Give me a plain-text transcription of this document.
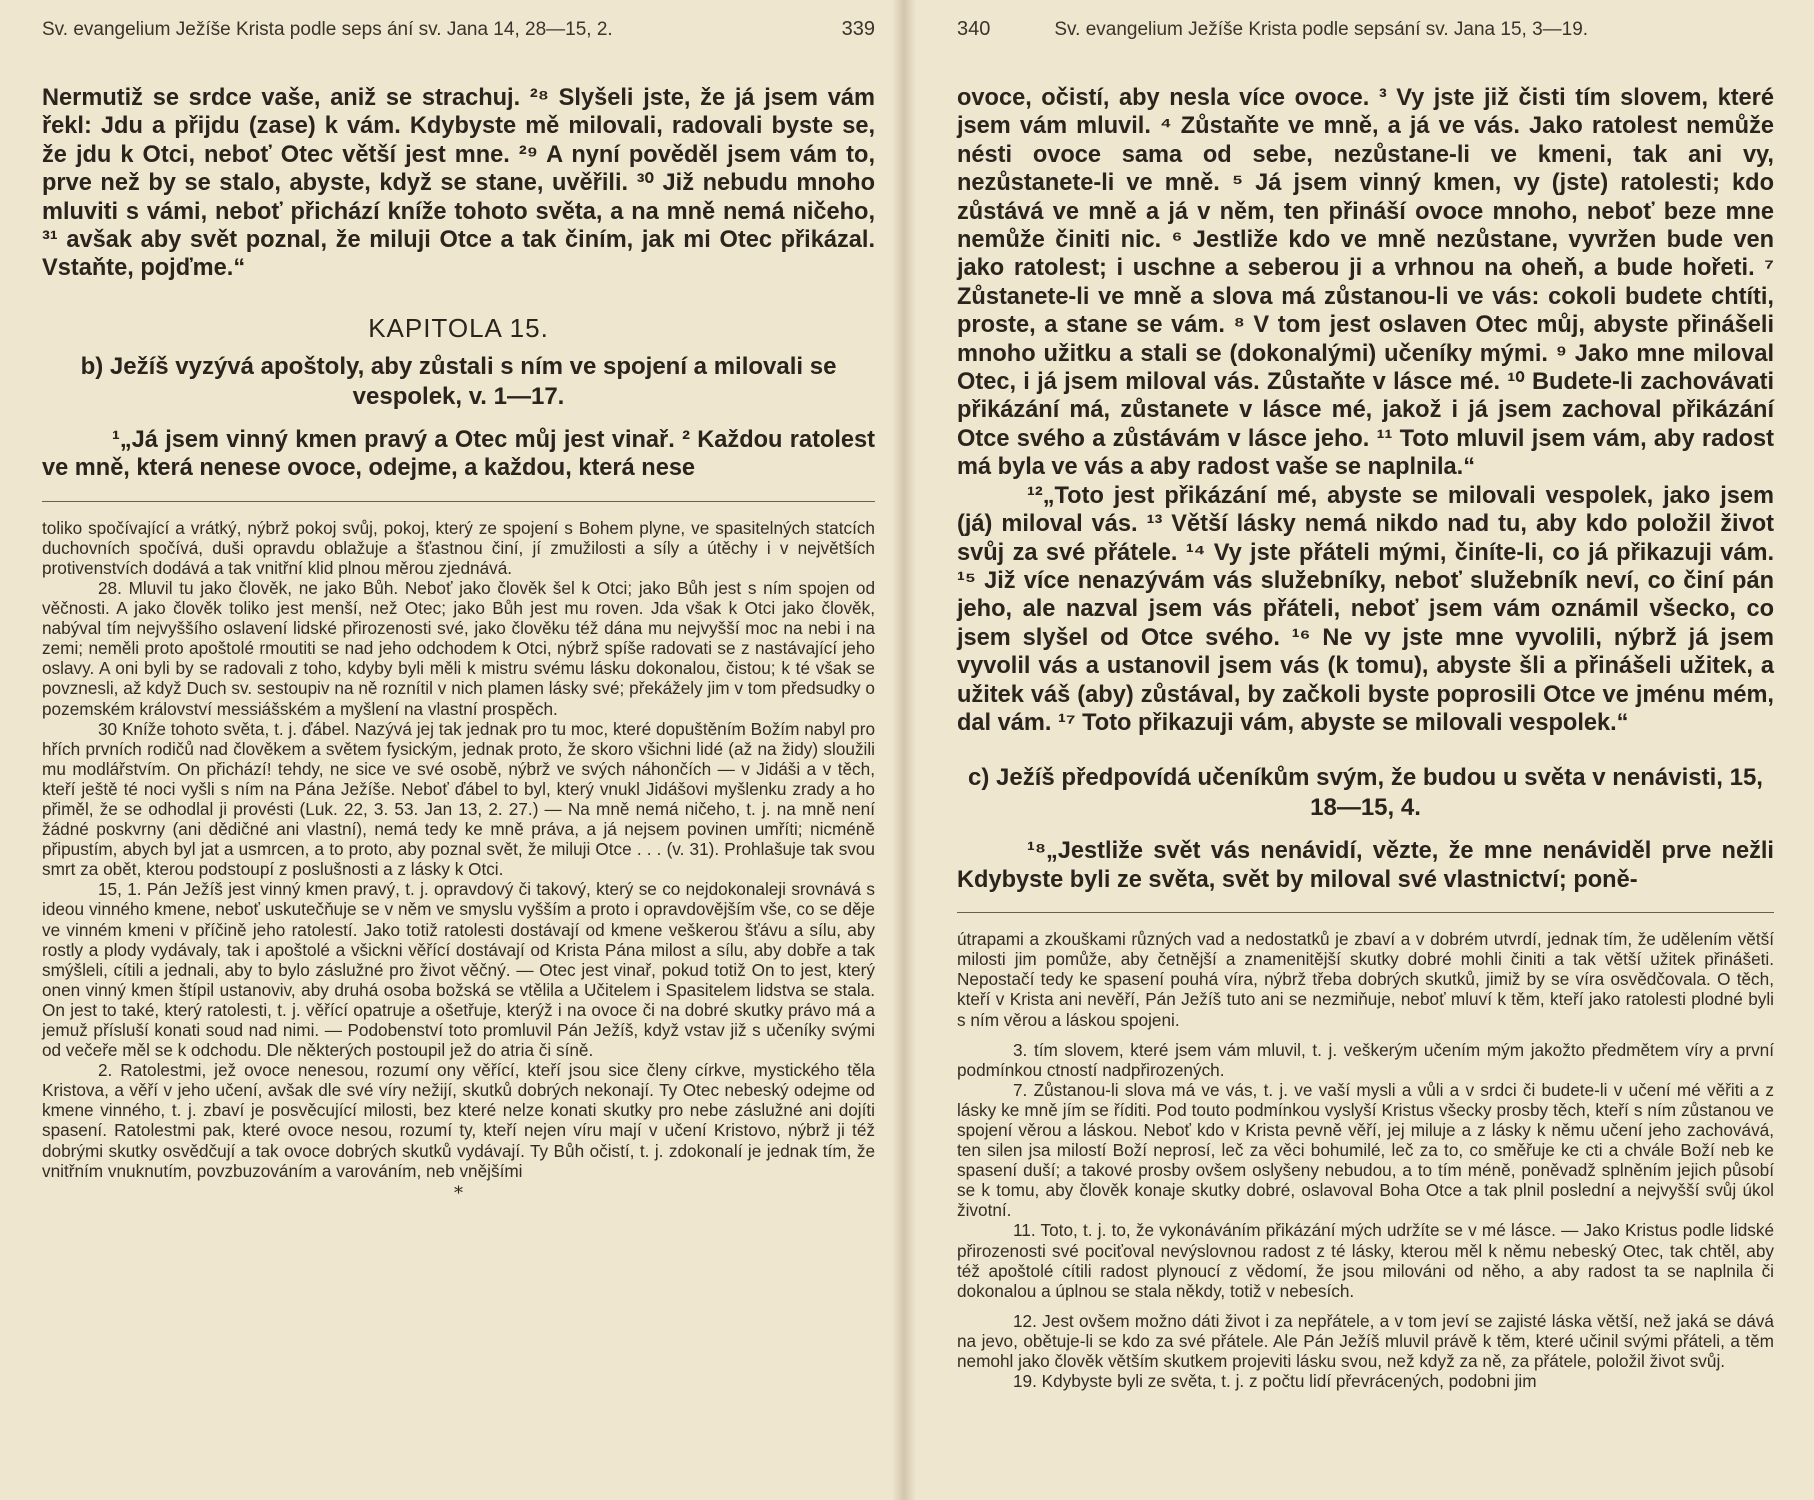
Sv. evangelium Ježíše Krista podle seps ání sv. Jana 14, 28—15, 2.	339

Nermutiž se srdce vaše, aniž se strachuj. ²⁸ Slyšeli jste, že já jsem vám řekl: Jdu a přijdu (zase) k vám. Kdybyste mě milovali, radovali byste se, že jdu k Otci, neboť Otec větší jest mne. ²⁹ A nyní pověděl jsem vám to, prve než by se stalo, abyste, když se stane, uvěřili. ³⁰ Již nebudu mnoho mluviti s vámi, neboť přichází kníže tohoto světa, a na mně nemá ničeho, ³¹ avšak aby svět poznal, že miluji Otce a tak činím, jak mi Otec přikázal. Vstaňte, pojďme.“

KAPITOLA 15.
b) Ježíš vyzývá apoštoly, aby zůstali s ním ve spojení a milovali se vespolek, v. 1—17.

¹„Já jsem vinný kmen pravý a Otec můj jest vinař. ² Každou ratolest ve mně, která nenese ovoce, odejme, a každou, která nese

toliko spočívající a vrátký, nýbrž pokoj svůj, pokoj, který ze spojení s Bohem plyne, ve spasitelných statcích duchovních spočívá, duši opravdu oblažuje a šťastnou činí, jí zmužilosti a síly a útěchy i v největších protivenstvích dodává a tak vnitřní klid plnou měrou zjednává.

28. Mluvil tu jako člověk, ne jako Bůh. Neboť jako člověk šel k Otci; jako Bůh jest s ním spojen od věčnosti. A jako člověk toliko jest menší, než Otec; jako Bůh jest mu roven. Jda však k Otci jako člověk, nabýval tím nejvyššího oslavení lidské přirozenosti své, jako člověku též dána mu nejvyšší moc na nebi i na zemi; neměli proto apoštolé rmoutiti se nad jeho odchodem k Otci, nýbrž spíše radovati se z nastávající jeho oslavy. A oni byli by se radovali z toho, kdyby byli měli k mistru svému lásku dokonalou, čistou; k té však se povznesli, až když Duch sv. sestoupiv na ně roznítil v nich plamen lásky své; překážely jim v tom předsudky o pozemském království messiášském a myšlení na vlastní prospěch.

30 Kníže tohoto světa, t. j. ďábel. Nazývá jej tak jednak pro tu moc, které dopuštěním Božím nabyl pro hřích prvních rodičů nad člověkem a světem fysickým, jednak proto, že skoro všichni lidé (až na židy) sloužili mu modlářstvím. On přichází! tehdy, ne sice ve své osobě, nýbrž ve svých náhončích — v Jidáši a v těch, kteří ještě té noci vyšli s ním na Pána Ježíše. Neboť ďábel to byl, který vnukl Jidášovi myšlenku zrady a ho přiměl, že se odhodlal ji provésti (Luk. 22, 3. 53. Jan 13, 2. 27.) — Na mně nemá ničeho, t. j. na mně není žádné poskvrny (ani dědičné ani vlastní), nemá tedy ke mně práva, a já nejsem povinen umříti; nicméně připustím, abych byl jat a usmrcen, a to proto, aby poznal svět, že miluji Otce . . . (v. 31). Prohlašuje tak svou smrt za obět, kterou podstoupí z poslušnosti a z lásky k Otci.

15, 1. Pán Ježíš jest vinný kmen pravý, t. j. opravdový či takový, který se co nejdokonaleji srovnává s ideou vinného kmene, neboť uskutečňuje se v něm ve smyslu vyšším a proto i opravdovějším vše, co se děje ve vinném kmeni v příčině jeho ratolestí. Jako totiž ratolesti dostávají od kmene veškerou šťávu a sílu, aby rostly a plody vydávaly, tak i apoštolé a všickni věřící dostávají od Krista Pána milost a sílu, aby dobře a tak smýšleli, cítili a jednali, aby to bylo záslužné pro život věčný. — Otec jest vinař, pokud totiž On to jest, který onen vinný kmen štípil ustanoviv, aby druhá osoba božská se vtělila a Učitelem i Spasitelem lidstva se stala. On jest to také, který ratolesti, t. j. věřící opatruje a ošetřuje, kterýž i na ovoce či na dobré skutky právo má a jemuž přísluší konati soud nad nimi. — Podobenství toto promluvil Pán Ježíš, když vstav již s učeníky svými od večeře měl se k odchodu. Dle některých postoupil jež do atria či síně.

2. Ratolestmi, jež ovoce nenesou, rozumí ony věřící, kteří jsou sice členy církve, mystického těla Kristova, a věří v jeho učení, avšak dle své víry nežijí, skutků dobrých nekonají. Ty Otec nebeský odejme od kmene vinného, t. j. zbaví je posvěcující milosti, bez které nelze konati skutky pro nebe záslužné ani dojíti spasení. Ratolestmi pak, které ovoce nesou, rozumí ty, kteří nejen víru mají v učení Kristovo, nýbrž ji též dobrými skutky osvědčují a tak ovoce dobrých skutků vydávají. Ty Bůh očistí, t. j. zdokonalí je jednak tím, že vnitřním vnuknutím, povzbuzováním a varováním, neb vnějšími

*
340	Sv. evangelium Ježíše Krista podle sepsání sv. Jana 15, 3—19.

ovoce, očistí, aby nesla více ovoce. ³ Vy jste již čisti tím slovem, které jsem vám mluvil. ⁴ Zůstaňte ve mně, a já ve vás. Jako ratolest nemůže nésti ovoce sama od sebe, nezůstane-li ve kmeni, tak ani vy, nezůstanete-li ve mně. ⁵ Já jsem vinný kmen, vy (jste) ratolesti; kdo zůstává ve mně a já v něm, ten přináší ovoce mnoho, neboť beze mne nemůže činiti nic. ⁶ Jestliže kdo ve mně nezůstane, vyvržen bude ven jako ratolest; i uschne a seberou ji a vrhnou na oheň, a bude hořeti. ⁷ Zůstanete-li ve mně a slova má zůstanou-li ve vás: cokoli budete chtíti, proste, a stane se vám. ⁸ V tom jest oslaven Otec můj, abyste přinášeli mnoho užitku a stali se (dokonalými) učeníky mými. ⁹ Jako mne miloval Otec, i já jsem miloval vás. Zůstaňte v lásce mé. ¹⁰ Budete-li zachovávati přikázání má, zůstanete v lásce mé, jakož i já jsem zachoval přikázání Otce svého a zůstávám v lásce jeho. ¹¹ Toto mluvil jsem vám, aby radost má byla ve vás a aby radost vaše se naplnila.“

¹²„Toto jest přikázání mé, abyste se milovali vespolek, jako jsem (já) miloval vás. ¹³ Větší lásky nemá nikdo nad tu, aby kdo položil život svůj za své přátele. ¹⁴ Vy jste přáteli mými, činíte-li, co já přikazuji vám. ¹⁵ Již více nenazývám vás služebníky, neboť služebník neví, co činí pán jeho, ale nazval jsem vás přáteli, neboť jsem vám oznámil všecko, co jsem slyšel od Otce svého. ¹⁶ Ne vy jste mne vyvolili, nýbrž já jsem vyvolil vás a ustanovil jsem vás (k tomu), abyste šli a přinášeli užitek, a užitek váš (aby) zůstával, by začkoli byste poprosili Otce ve jménu mém, dal vám. ¹⁷ Toto přikazuji vám, abyste se milovali vespolek.“

c) Ježíš předpovídá učeníkům svým, že budou u světa v nenávisti, 15, 18—15, 4.

¹⁸„Jestliže svět vás nenávidí, vězte, že mne nenáviděl prve nežli Kdybyste byli ze světa, svět by miloval své vlastnictví; poně-

útrapami a zkouškami různých vad a nedostatků je zbaví a v dobrém utvrdí, jednak tím, že udělením větší milosti jim pomůže, aby četnější a znamenitější skutky dobré mohli činiti a tak větší užitek přinášeti. Nepostačí tedy ke spasení pouhá víra, nýbrž třeba dobrých skutků, jimiž by se víra osvědčovala. O těch, kteří v Krista ani nevěří, Pán Ježíš tuto ani se nezmiňuje, neboť mluví k těm, kteří jako ratolesti plodné byli s ním věrou a láskou spojeni.

3. tím slovem, které jsem vám mluvil, t. j. veškerým učením mým jakožto předmětem víry a první podmínkou ctností nadpřirozených.

7. Zůstanou-li slova má ve vás, t. j. ve vaší mysli a vůli a v srdci či budete-li v učení mé věřiti a z lásky ke mně jím se říditi. Pod touto podmínkou vyslyší Kristus všecky prosby těch, kteří s ním zůstanou ve spojení věrou a láskou. Neboť kdo v Krista pevně věří, jej miluje a z lásky k němu učení jeho zachovává, ten silen jsa milostí Boží neprosí, leč za věci bohumilé, leč za to, co směřuje ke cti a chvále Boží neb ke spasení duší; a takové prosby ovšem oslyšeny nebudou, a to tím méně, poněvadž splněním jejich působí se k tomu, aby člověk konaje skutky dobré, oslavoval Boha Otce a tak plnil poslední a nejvyšší svůj úkol životní.

11. Toto, t. j. to, že vykonáváním přikázání mých udržíte se v mé lásce. — Jako Kristus podle lidské přirozenosti své pociťoval nevýslovnou radost z té lásky, kterou měl k němu nebeský Otec, tak chtěl, aby též apoštolé cítili radost plynoucí z vědomí, že jsou milováni od něho, a aby radost ta se naplnila či dokonalou a úplnou se stala někdy, totiž v nebesích.

12. Jest ovšem možno dáti život i za nepřátele, a v tom jeví se zajisté láska větší, než jaká se dává na jevo, obětuje-li se kdo za své přátele. Ale Pán Ježíš mluvil právě k těm, které učinil svými přáteli, a těm nemohl jako člověk větším skutkem projeviti lásku svou, než když za ně, za přátele, položil život svůj.

19. Kdybyste byli ze světa, t. j. z počtu lidí převrácených, podobni jim
